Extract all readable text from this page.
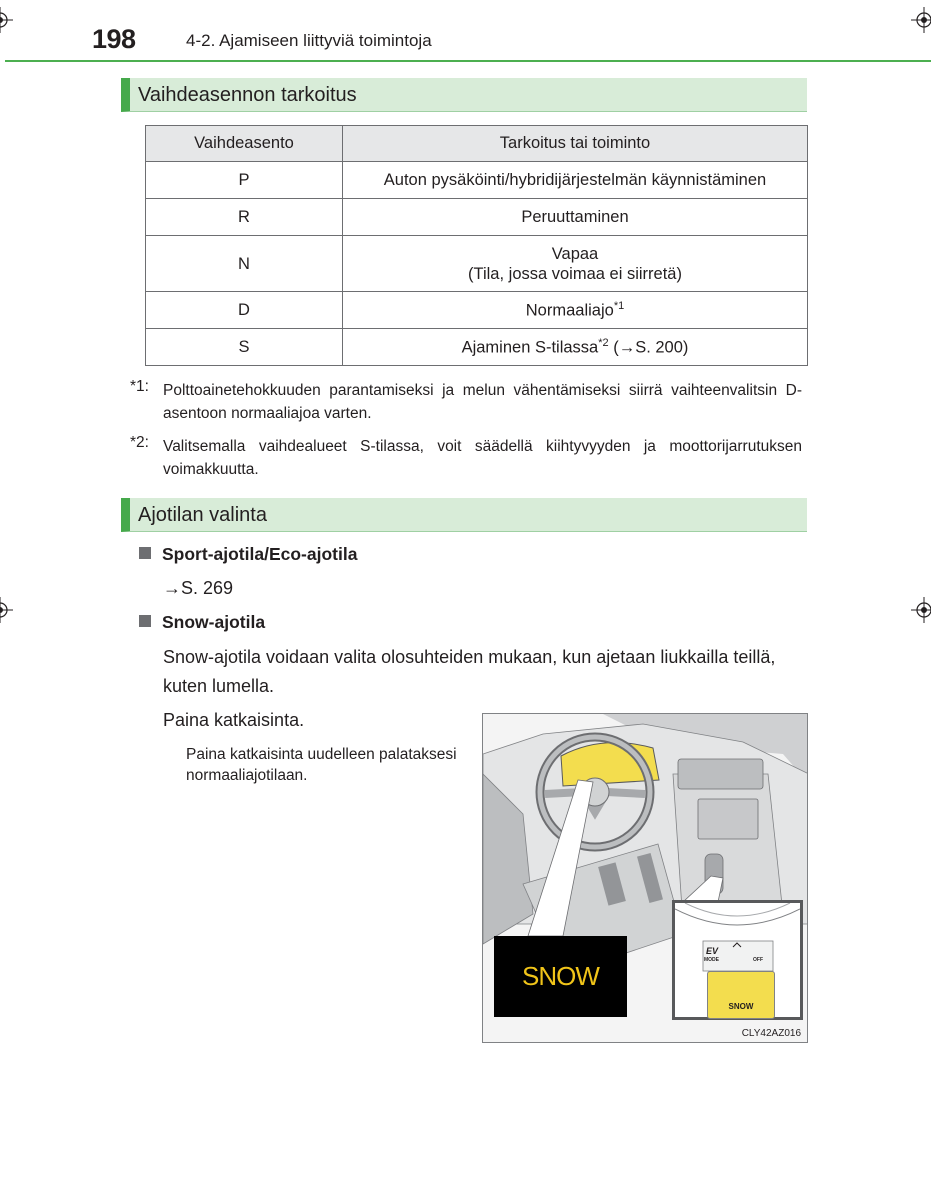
198	4-2. Ajamiseen liittyviä toimintoja
Vaihdeasennon tarkoitus
Vaihdeasento	Tarkoitus tai toiminto
P	Auton pysäköinti/hybridijärjestelmän käynnistäminen
R	Peruuttaminen
N	Vapaa
(Tila, jossa voimaa ei siirretä)

D	Normaaliajo$^{*1}$
S	Ajaminen S-tilassa$^{*2}$ (→S. 200)
*1: Polttoainetehokkuuden parantamiseksi ja melun vähentämiseksi siirrä vaihteenvalitsin D-asentoon normaaliajoa varten.
*2: Valitsemalla vaihdealueet S-tilassa, voit säädellä kiihtyvyyden ja moottorijarrutuksen voimakkuutta.
Ajotilan valinta
Sport-ajotila/Eco-ajotila
→S. 269
Snow-ajotila
Snow-ajotila voidaan valita olosuhteiden mukaan, kun ajetaan liukkailla teillä, kuten lumella.
Paina katkaisinta.
Paina katkaisinta uudelleen palataksesi normaaliajotilaan.
SNOW
EV
MODE	OFF
SNOW
CLY42AZ016
